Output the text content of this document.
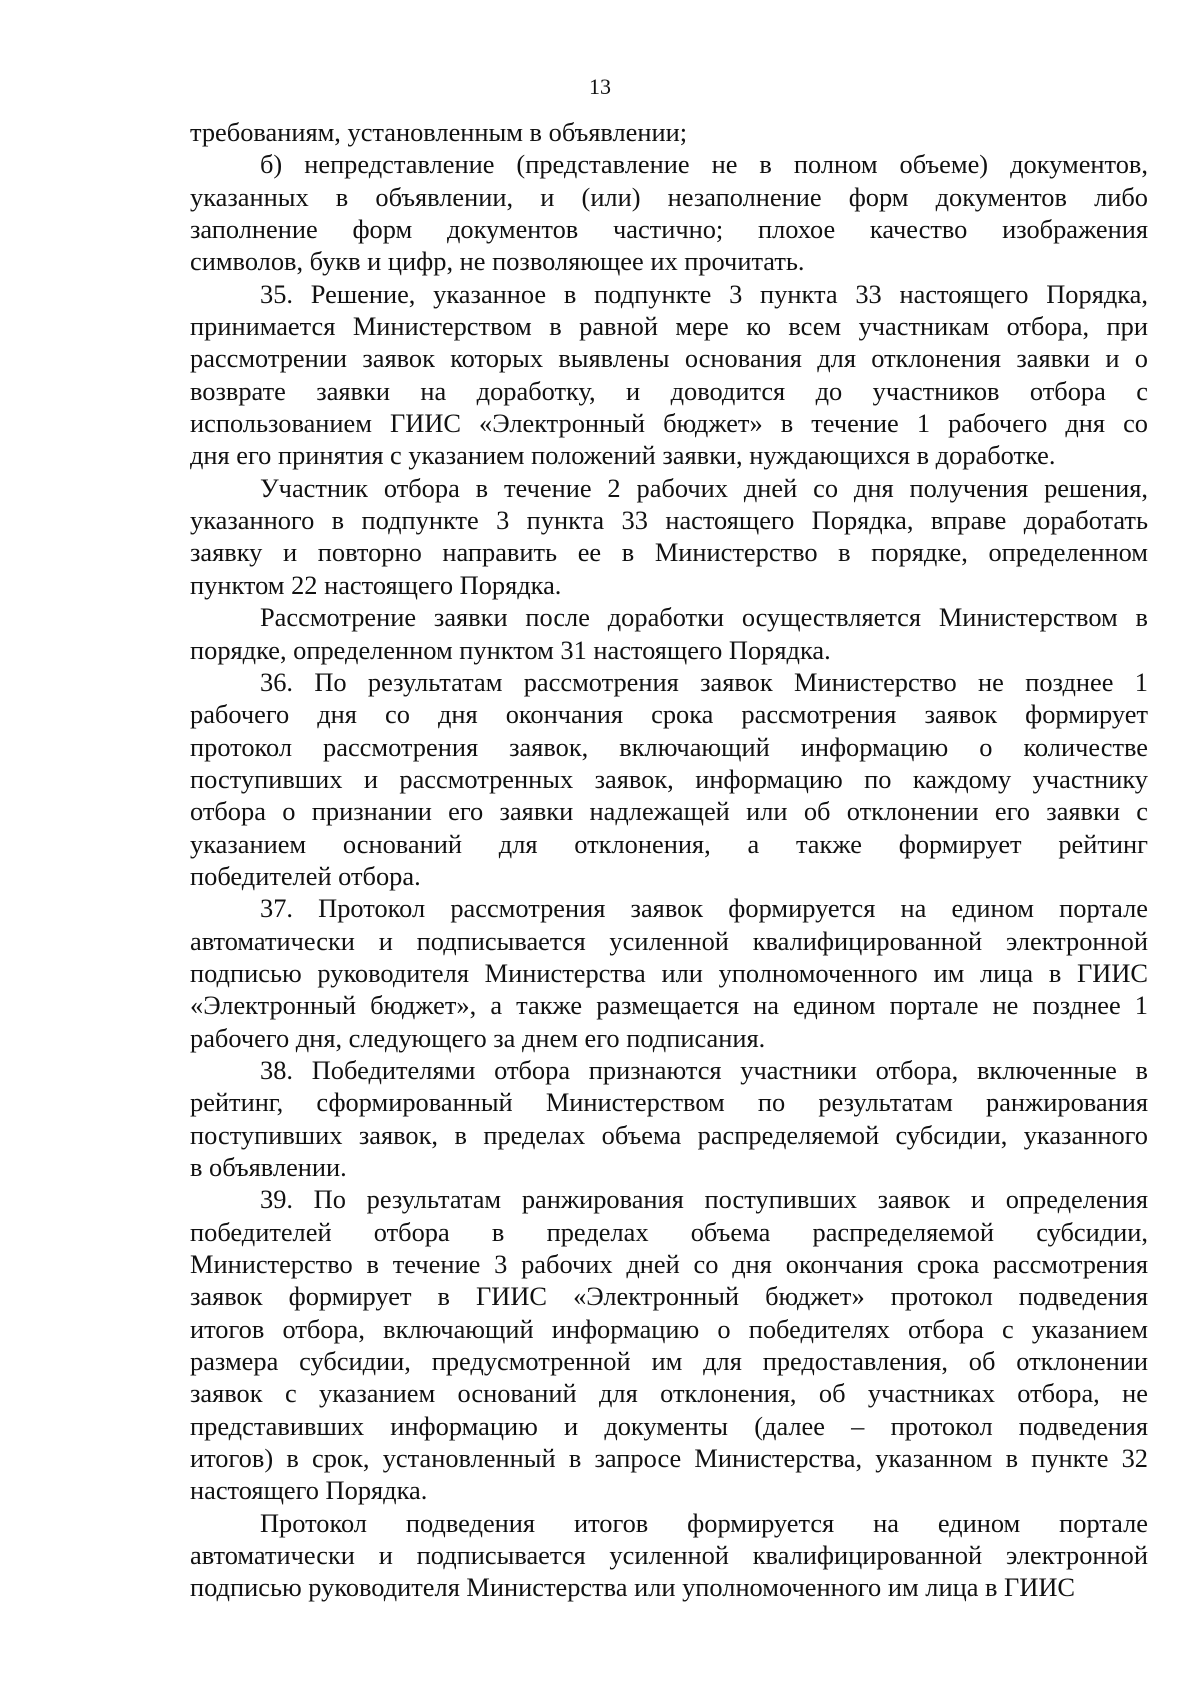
13
требованиям, установленным в объявлении;
б) непредставление (представление не в полном объеме) документов,
указанных в объявлении, и (или) незаполнение форм документов либо
заполнение форм документов частично; плохое качество изображения
символов, букв и цифр, не позволяющее их прочитать.
35. Решение, указанное в подпункте 3 пункта 33 настоящего Порядка,
принимается Министерством в равной мере ко всем участникам отбора, при
рассмотрении заявок которых выявлены основания для отклонения заявки и о
возврате заявки на доработку, и доводится до участников отбора с
использованием ГИИС «Электронный бюджет» в течение 1 рабочего дня со
дня его принятия с указанием положений заявки, нуждающихся в доработке.
Участник отбора в течение 2 рабочих дней со дня получения решения,
указанного в подпункте 3 пункта 33 настоящего Порядка, вправе доработать
заявку и повторно направить ее в Министерство в порядке, определенном
пунктом 22 настоящего Порядка.
Рассмотрение заявки после доработки осуществляется Министерством в
порядке, определенном пунктом 31 настоящего Порядка.
36. По результатам рассмотрения заявок Министерство не позднее 1
рабочего дня со дня окончания срока рассмотрения заявок формирует
протокол рассмотрения заявок, включающий информацию о количестве
поступивших и рассмотренных заявок, информацию по каждому участнику
отбора о признании его заявки надлежащей или об отклонении его заявки с
указанием оснований для отклонения, а также формирует рейтинг
победителей отбора.
37. Протокол рассмотрения заявок формируется на едином портале
автоматически и подписывается усиленной квалифицированной электронной
подписью руководителя Министерства или уполномоченного им лица в ГИИС
«Электронный бюджет», а также размещается на едином портале не позднее 1
рабочего дня, следующего за днем его подписания.
38. Победителями отбора признаются участники отбора, включенные в
рейтинг, сформированный Министерством по результатам ранжирования
поступивших заявок, в пределах объема распределяемой субсидии, указанного
в объявлении.
39. По результатам ранжирования поступивших заявок и определения
победителей отбора в пределах объема распределяемой субсидии,
Министерство в течение 3 рабочих дней со дня окончания срока рассмотрения
заявок формирует в ГИИС «Электронный бюджет» протокол подведения
итогов отбора, включающий информацию о победителях отбора с указанием
размера субсидии, предусмотренной им для предоставления, об отклонении
заявок с указанием оснований для отклонения, об участниках отбора, не
представивших информацию и документы (далее – протокол подведения
итогов) в срок, установленный в запросе Министерства, указанном в пункте 32
настоящего Порядка.
Протокол подведения итогов формируется на едином портале
автоматически и подписывается усиленной квалифицированной электронной
подписью руководителя Министерства или уполномоченного им лица в ГИИС
